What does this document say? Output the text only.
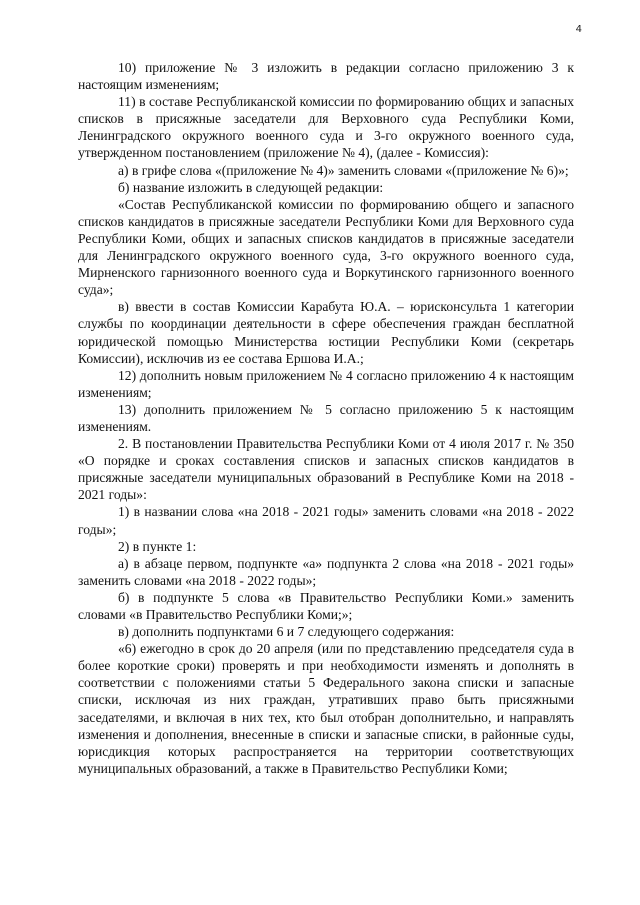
4

10) приложение № 3 изложить в редакции согласно приложению 3 к настоящим изменениям;

11) в составе Республиканской комиссии по формированию общих и запасных списков в присяжные заседатели для Верховного суда Республики Коми, Ленинградского окружного военного суда и 3-го окружного военного суда, утвержденном постановлением (приложение № 4), (далее - Комиссия):

а) в грифе слова «(приложение № 4)» заменить словами «(приложение № 6)»;

б) название изложить в следующей редакции:

«Состав Республиканской комиссии по формированию общего и запасного списков кандидатов в присяжные заседатели Республики Коми для Верховного суда Республики Коми, общих и запасных списков кандидатов в присяжные заседатели для Ленинградского окружного военного суда, 3-го окружного военного суда, Мирненского гарнизонного военного суда и Воркутинского гарнизонного военного суда»;

в) ввести в состав Комиссии Карабута Ю.А. – юрисконсульта 1 категории службы по координации деятельности в сфере обеспечения граждан бесплатной юридической помощью Министерства юстиции Республики Коми (секретарь Комиссии), исключив из ее состава Ершова И.А.;

12) дополнить новым приложением № 4 согласно приложению 4 к настоящим изменениям;

13) дополнить приложением № 5 согласно приложению 5 к настоящим изменениям.

2. В постановлении Правительства Республики Коми от 4 июля 2017 г. № 350 «О порядке и сроках составления списков и запасных списков кандидатов в присяжные заседатели муниципальных образований в Республике Коми на 2018 - 2021 годы»:

1) в названии слова «на 2018 - 2021 годы» заменить словами «на 2018 - 2022 годы»;

2) в пункте 1:

а) в абзаце первом, подпункте «а» подпункта 2 слова «на 2018 - 2021 годы» заменить словами «на 2018 - 2022 годы»;

б) в подпункте 5 слова «в Правительство Республики Коми.» заменить словами «в Правительство Республики Коми;»;

в) дополнить подпунктами 6 и 7 следующего содержания:

«6) ежегодно в срок до 20 апреля (или по представлению председателя суда в более короткие сроки) проверять и при необходимости изменять и дополнять в соответствии с положениями статьи 5 Федерального закона списки и запасные списки, исключая из них граждан, утративших право быть присяжными заседателями, и включая в них тех, кто был отобран дополнительно, и направлять изменения и дополнения, внесенные в списки и запасные списки, в районные суды, юрисдикция которых распространяется на территории соответствующих муниципальных образований, а также в Правительство Республики Коми;
